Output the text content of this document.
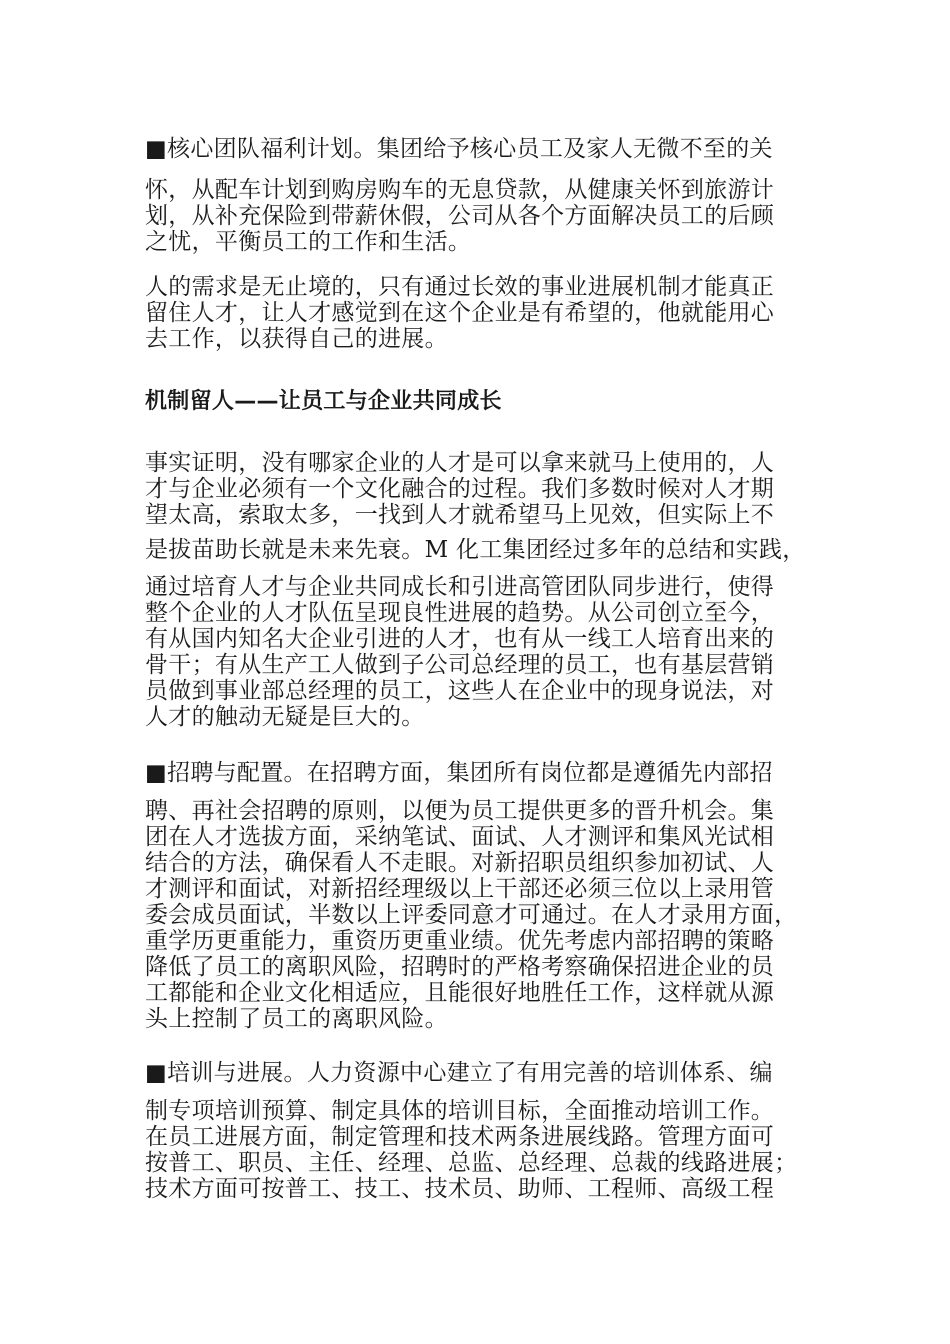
■核心团队福利计划。集团给予核心员工及家人无微不至的关
怀，从配车计划到购房购车的无息贷款，从健康关怀到旅游计
划，从补充保险到带薪休假，公司从各个方面解决员工的后顾
之忧，平衡员工的工作和生活。
人的需求是无止境的，只有通过长效的事业进展机制才能真正
留住人才，让人才感觉到在这个企业是有希望的，他就能用心
去工作，以获得自己的进展。
机制留人——让员工与企业共同成长
事实证明，没有哪家企业的人才是可以拿来就马上使用的，人
才与企业必须有一个文化融合的过程。我们多数时候对人才期
望太高，索取太多，一找到人才就希望马上见效，但实际上不
是拔苗助长就是未来先衰。M 化工集团经过多年的总结和实践，
通过培育人才与企业共同成长和引进高管团队同步进行，使得
整个企业的人才队伍呈现良性进展的趋势。从公司创立至今，
有从国内知名大企业引进的人才，也有从一线工人培育出来的
骨干；有从生产工人做到子公司总经理的员工，也有基层营销
员做到事业部总经理的员工，这些人在企业中的现身说法，对
人才的触动无疑是巨大的。
■招聘与配置。在招聘方面，集团所有岗位都是遵循先内部招
聘、再社会招聘的原则，以便为员工提供更多的晋升机会。集
团在人才选拔方面，采纳笔试、面试、人才测评和集风光试相
结合的方法，确保看人不走眼。对新招职员组织参加初试、人
才测评和面试，对新招经理级以上干部还必须三位以上录用管
委会成员面试，半数以上评委同意才可通过。在人才录用方面，
重学历更重能力，重资历更重业绩。优先考虑内部招聘的策略
降低了员工的离职风险，招聘时的严格考察确保招进企业的员
工都能和企业文化相适应，且能很好地胜任工作，这样就从源
头上控制了员工的离职风险。
■培训与进展。人力资源中心建立了有用完善的培训体系、编
制专项培训预算、制定具体的培训目标，全面推动培训工作。
在员工进展方面，制定管理和技术两条进展线路。管理方面可
按普工、职员、主任、经理、总监、总经理、总裁的线路进展；
技术方面可按普工、技工、技术员、助师、工程师、高级工程
